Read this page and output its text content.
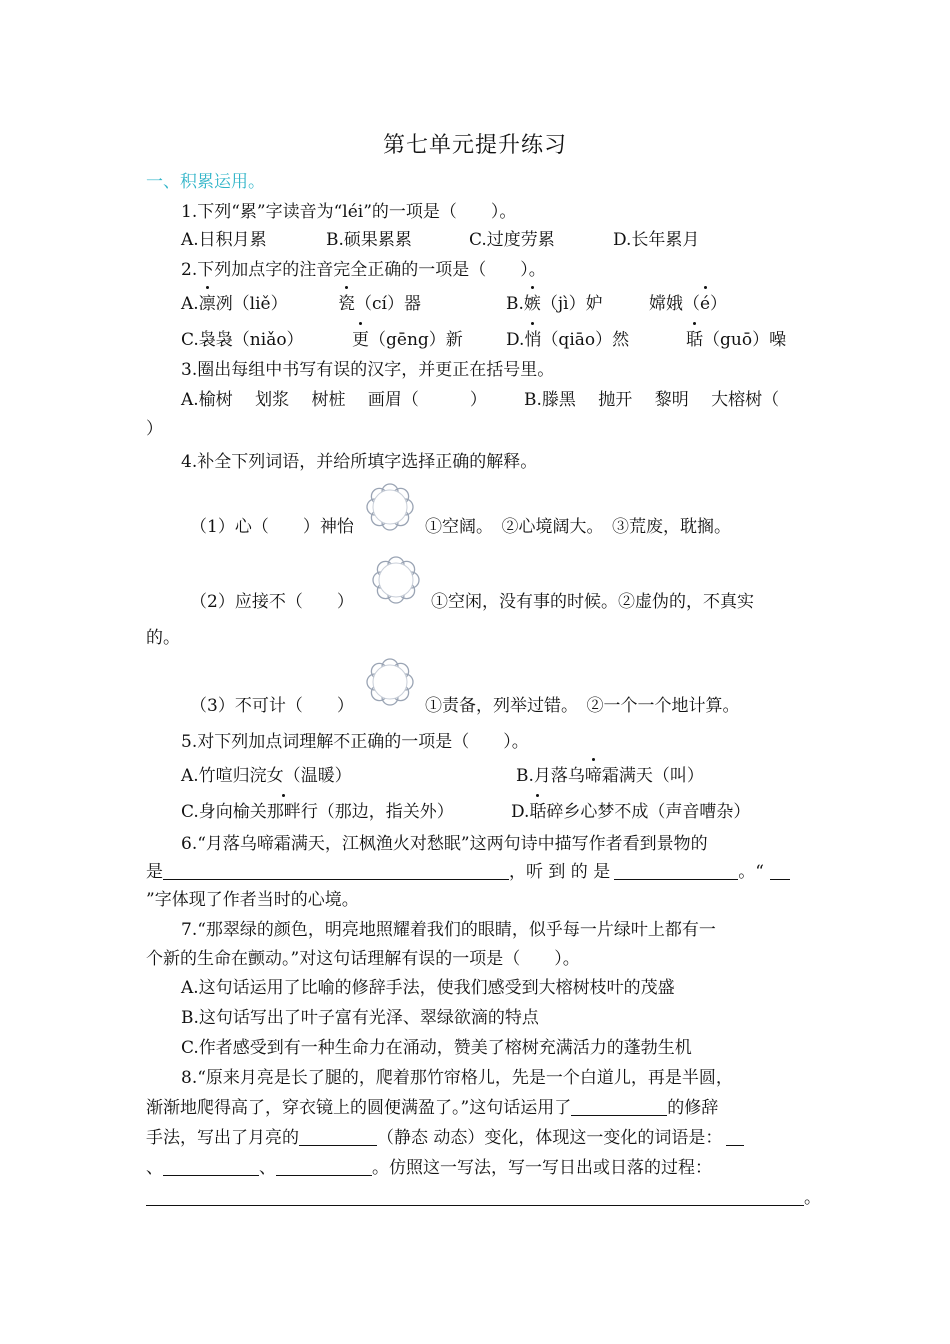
第七单元提升练习
一、积累运用。
1.下列“累”字读音为“léi”的一项是（　　）。
A.日积月累	B.硕果累累	C.过度劳累	D.长年累月
2.下列加点字的注音完全正确的一项是（　　）。
A.凛冽（liě）	瓷（cí）器	B.嫉（jì）妒	嫦娥（é）
C.袅袅（niǎo）	更（gēng）新	D.悄（qiāo）然	聒（guō）噪
3.圈出每组中书写有误的汉字，并更正在括号里。
A.榆树　 划浆　 树桩　 画眉（　　　） B.滕黑　 抛开　 黎明　 大榕树（
）
4.补全下列词语，并给所填字选择正确的解释。
（1）心（　　）神怡	①空阔。　②心境阔大。　③荒废，耽搁。
（2）应接不（　　）	①空闲，没有事的时候。②虚伪的，不真实
的。
（3）不可计（　　）	①责备，列举过错。　②一个一个地计算。
5.对下列加点词理解不正确的一项是（　　）。
A.竹喧归浣女（温暖）	B.月落乌啼霜满天（叫）
C.身向榆关那畔行（那边，指关外）	D.聒碎乡心梦不成（声音嘈杂）
6.“月落乌啼霜满天，江枫渔火对愁眠”这两句诗中描写作者看到景物的
是	，听 到 的 是	。“
”字体现了作者当时的心境。
7.“那翠绿的颜色，明亮地照耀着我们的眼睛，似乎每一片绿叶上都有一
个新的生命在颤动。”对这句话理解有误的一项是（　　）。
A.这句话运用了比喻的修辞手法，使我们感受到大榕树枝叶的茂盛
B.这句话写出了叶子富有光泽、翠绿欲滴的特点
C.作者感受到有一种生命力在涌动，赞美了榕树充满活力的蓬勃生机
8.“原来月亮是长了腿的，爬着那竹帘格儿，先是一个白道儿，再是半圆，
渐渐地爬得高了，穿衣镜上的圆便满盈了。”这句话运用了	的修辞
手法，写出了月亮的	（静态 动态）变化，体现这一变化的词语是：
、	、	。仿照这一写法，写一写日出或日落的过程：
。
